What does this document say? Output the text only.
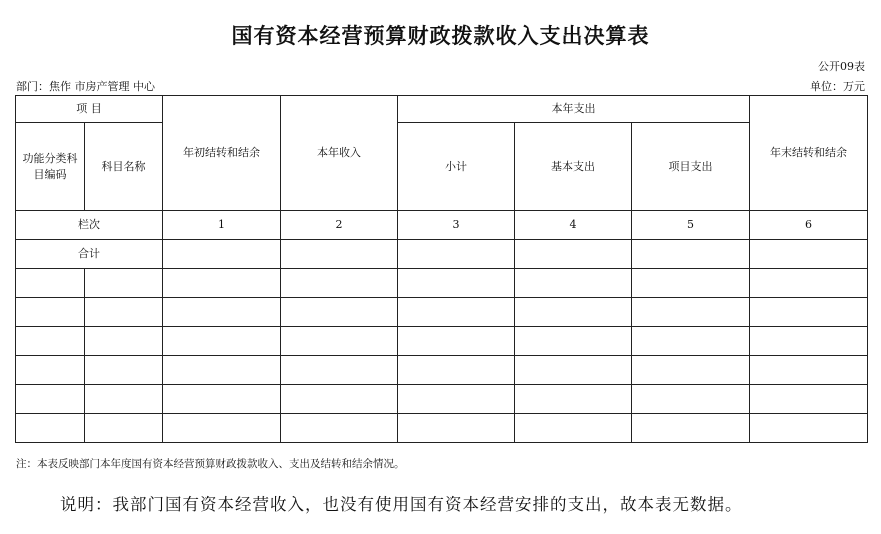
国有资本经营预算财政拨款收入支出决算表
公开09表
部门：焦作 市房产管理 中心	单位：万元
项 目		年初结转和结余	本年收入	本年支出			年末结转和结余
功能分类科目编码	科目名称			小计	基本支出	项目支出	

栏次		1	2	3	4	5	6
合计							

注：本表反映部门本年度国有资本经营预算财政拨款收入、支出及结转和结余情况。
说明：我部门国有资本经营收入，也没有使用国有资本经营安排的支出，故本表无数据。
